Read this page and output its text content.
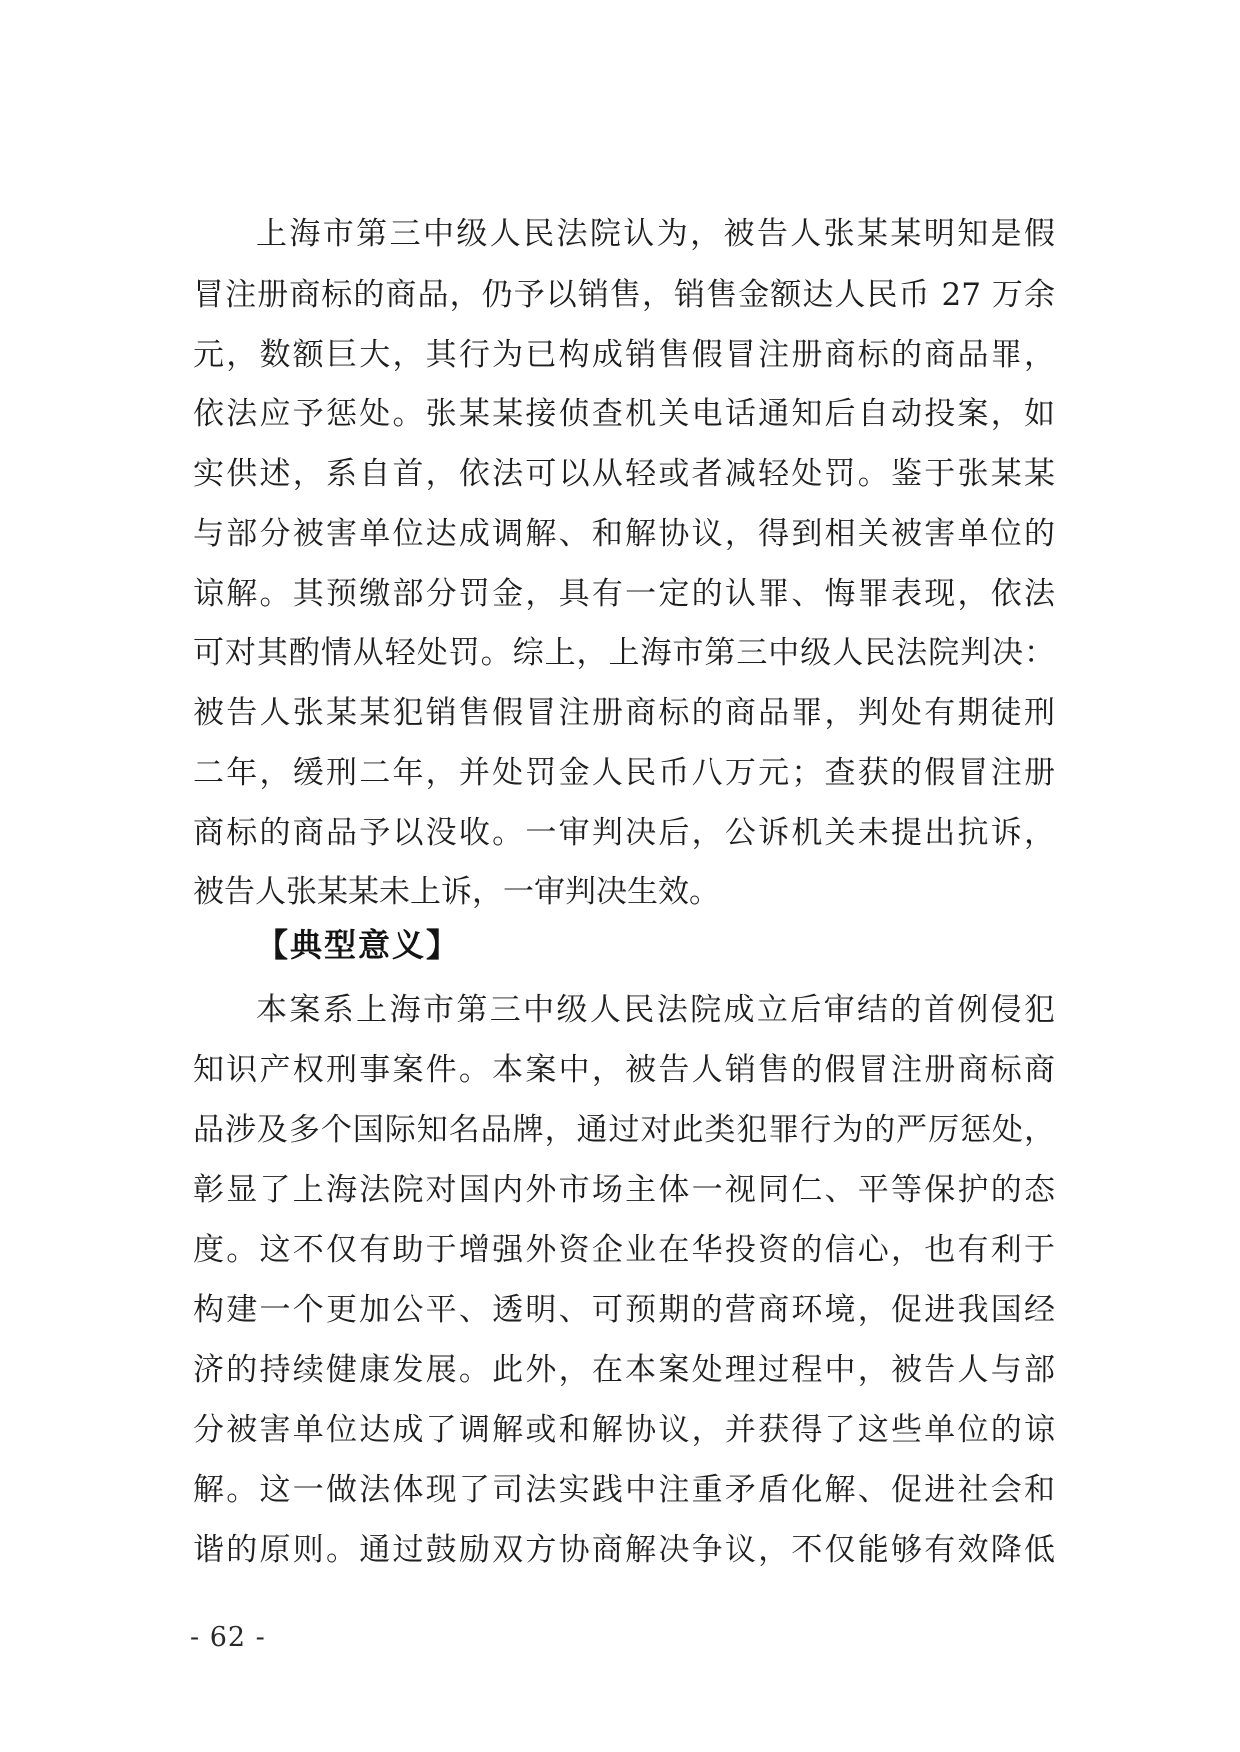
上海市第三中级人民法院认为，被告人张某某明知是假
冒注册商标的商品，仍予以销售，销售金额达人民币 27 万余
元，数额巨大，其行为已构成销售假冒注册商标的商品罪，
依法应予惩处。张某某接侦查机关电话通知后自动投案，如
实供述，系自首，依法可以从轻或者减轻处罚。鉴于张某某
与部分被害单位达成调解、和解协议，得到相关被害单位的
谅解。其预缴部分罚金，具有一定的认罪、悔罪表现，依法
可对其酌情从轻处罚。综上，上海市第三中级人民法院判决：
被告人张某某犯销售假冒注册商标的商品罪，判处有期徒刑
二年，缓刑二年，并处罚金人民币八万元；查获的假冒注册
商标的商品予以没收。一审判决后，公诉机关未提出抗诉，
被告人张某某未上诉，一审判决生效。
【典型意义】
本案系上海市第三中级人民法院成立后审结的首例侵犯
知识产权刑事案件。本案中，被告人销售的假冒注册商标商
品涉及多个国际知名品牌，通过对此类犯罪行为的严厉惩处，
彰显了上海法院对国内外市场主体一视同仁、平等保护的态
度。这不仅有助于增强外资企业在华投资的信心，也有利于
构建一个更加公平、透明、可预期的营商环境，促进我国经
济的持续健康发展。此外，在本案处理过程中，被告人与部
分被害单位达成了调解或和解协议，并获得了这些单位的谅
解。这一做法体现了司法实践中注重矛盾化解、促进社会和
谐的原则。通过鼓励双方协商解决争议，不仅能够有效降低
- 62 -
